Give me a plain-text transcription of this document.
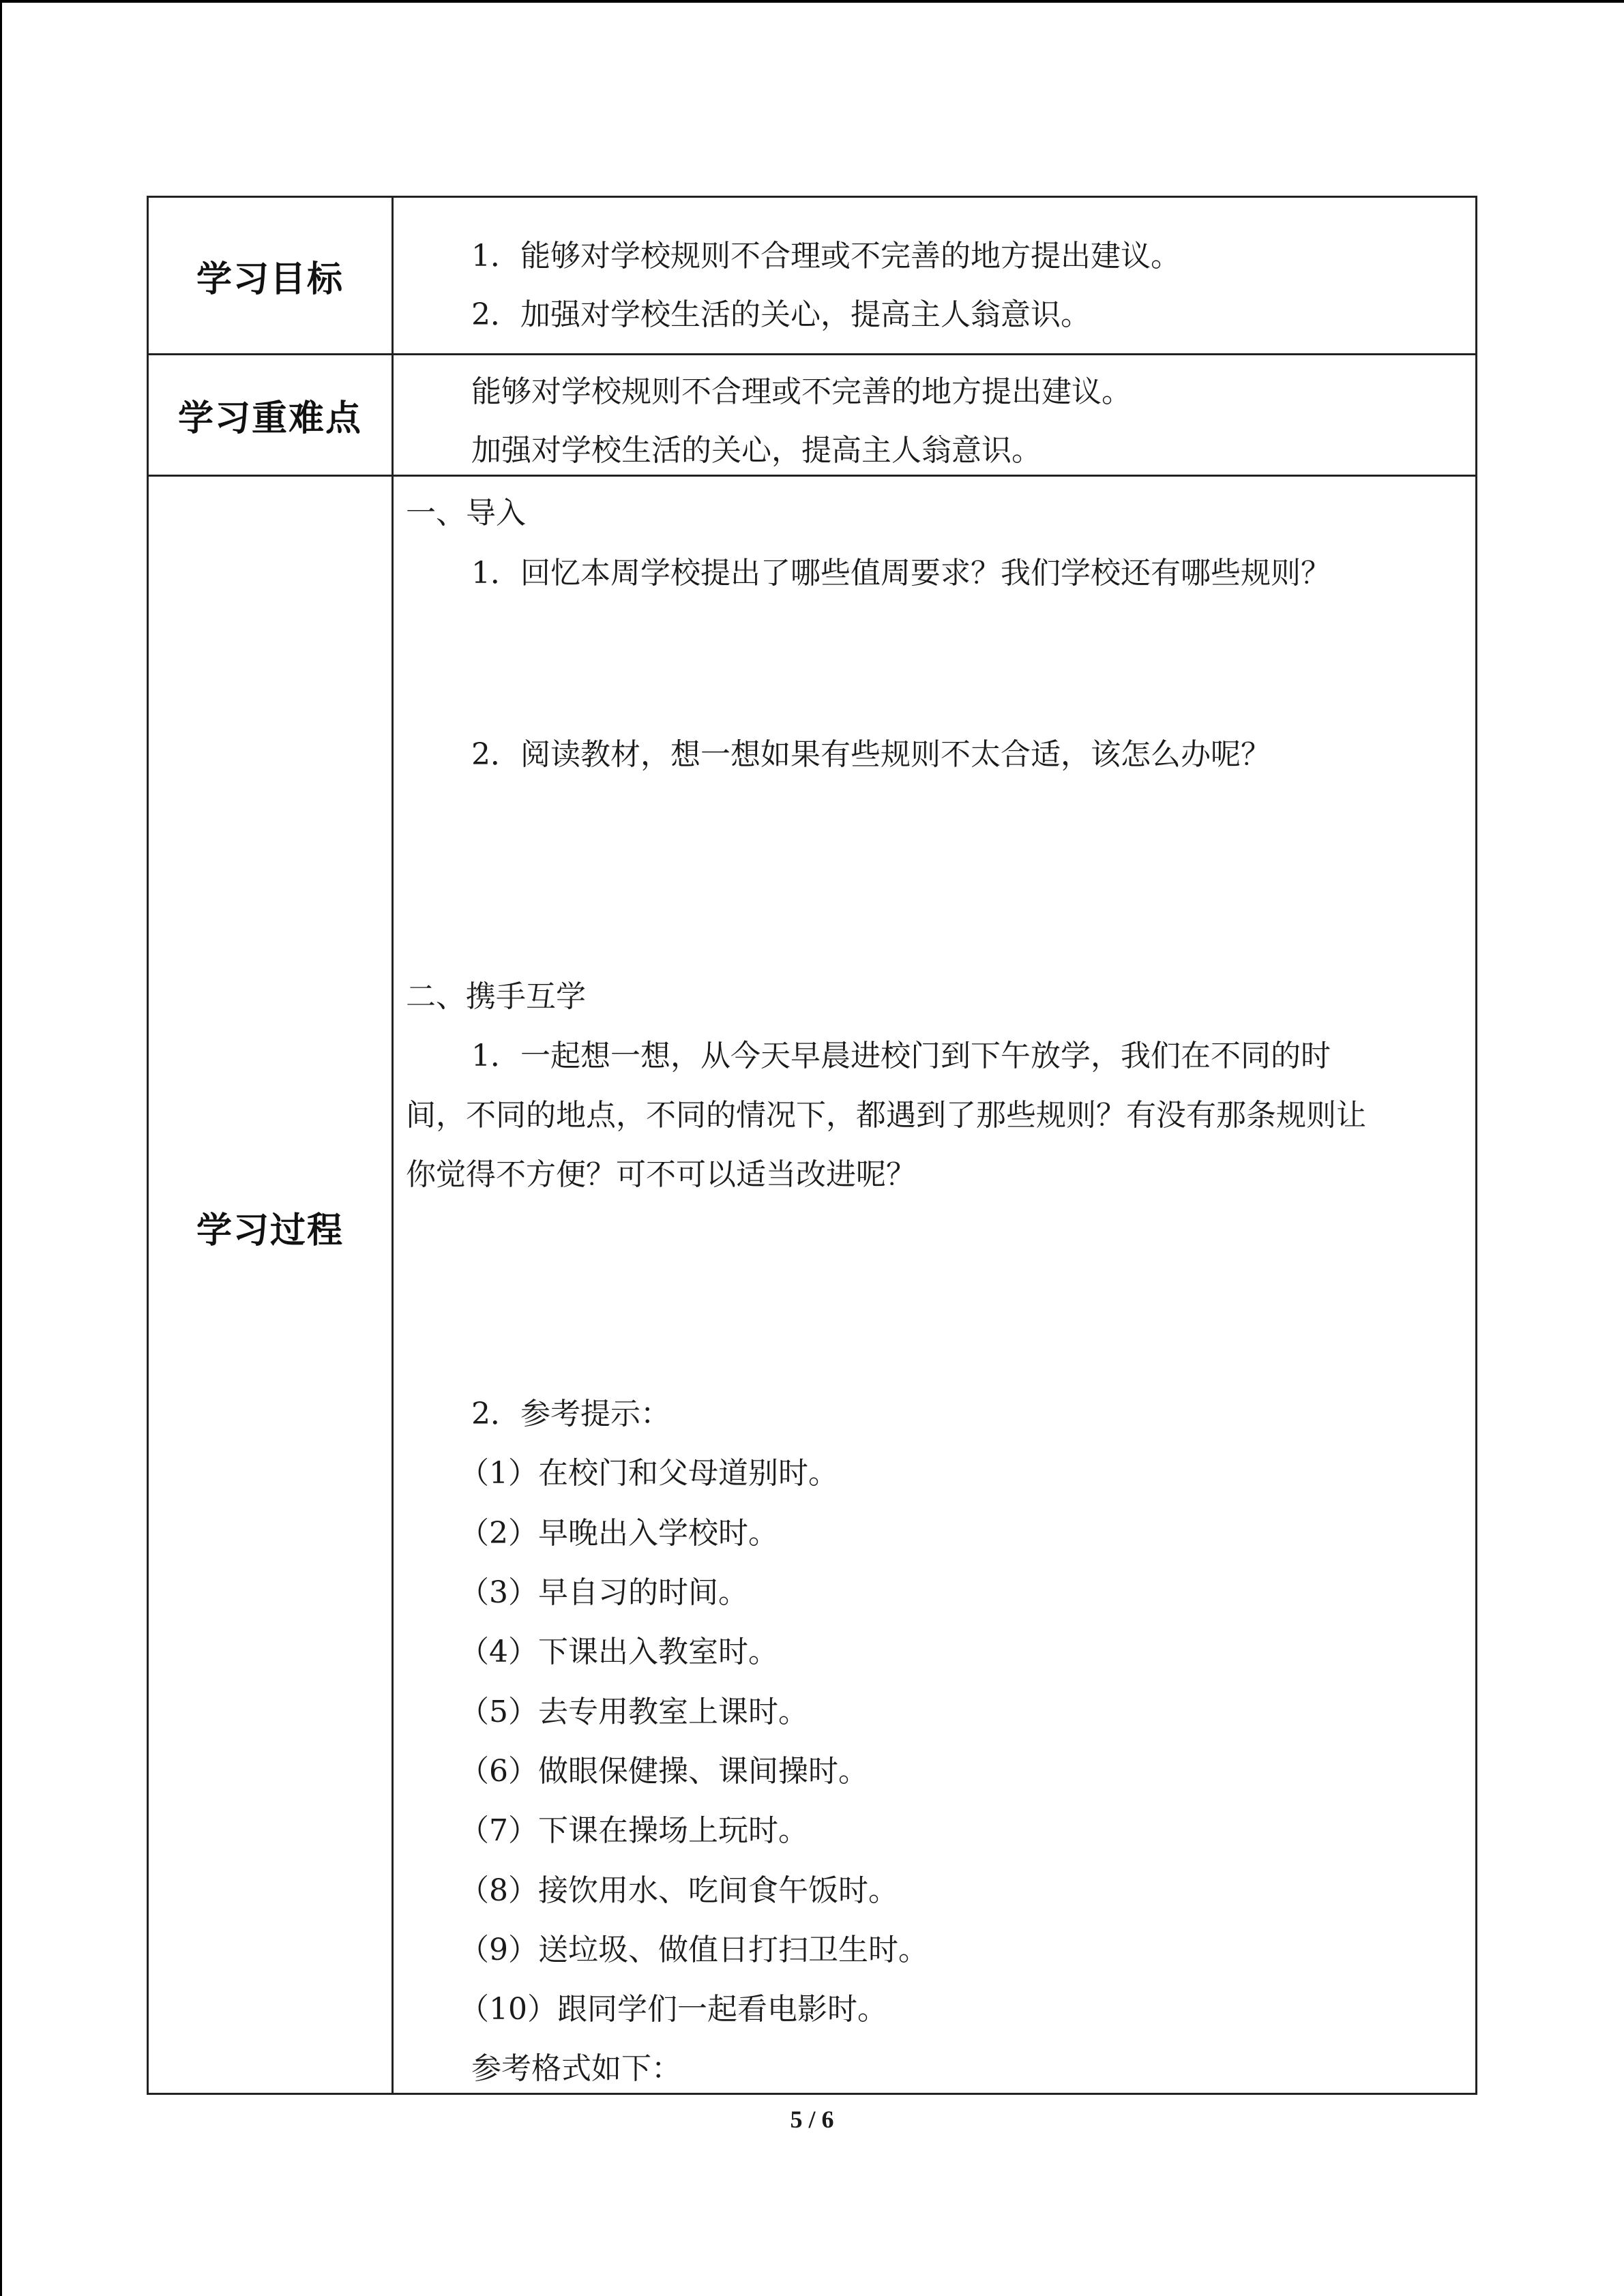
学习目标
1．能够对学校规则不合理或不完善的地方提出建议。
2．加强对学校生活的关心，提高主人翁意识。
学习重难点
能够对学校规则不合理或不完善的地方提出建议。
加强对学校生活的关心，提高主人翁意识。
学习过程
一、导入
1．回忆本周学校提出了哪些值周要求？我们学校还有哪些规则？
2．阅读教材，想一想如果有些规则不太合适，该怎么办呢？
二、携手互学
1．一起想一想，从今天早晨进校门到下午放学，我们在不同的时
间，不同的地点，不同的情况下，都遇到了那些规则？有没有那条规则让
你觉得不方便？可不可以适当改进呢？
2．参考提示：
（1）在校门和父母道别时。
（2）早晚出入学校时。
（3）早自习的时间。
（4）下课出入教室时。
（5）去专用教室上课时。
（6）做眼保健操、课间操时。
（7）下课在操场上玩时。
（8）接饮用水、吃间食午饭时。
（9）送垃圾、做值日打扫卫生时。
（10）跟同学们一起看电影时。
参考格式如下：
5 / 6
